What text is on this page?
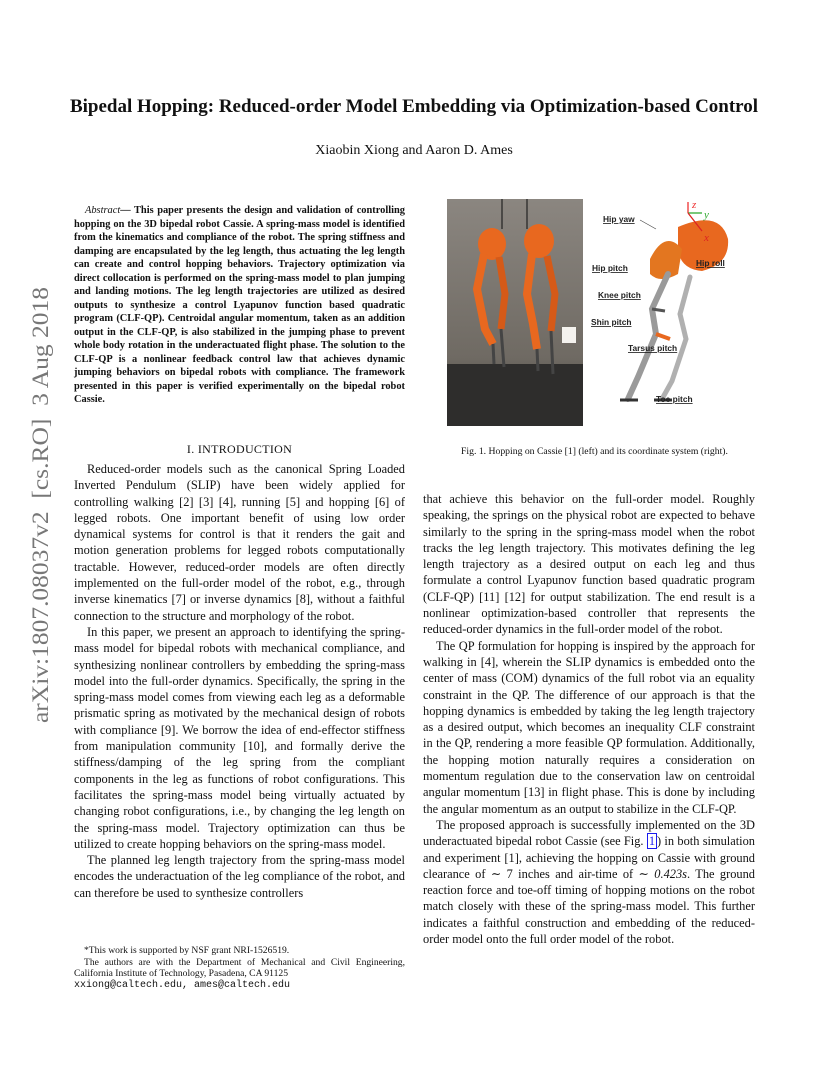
arXiv:1807.08037v2  [cs.RO]  3 Aug 2018
Bipedal Hopping: Reduced-order Model Embedding via Optimization-based Control
Xiaobin Xiong and Aaron D. Ames
Abstract— This paper presents the design and validation of controlling hopping on the 3D bipedal robot Cassie. A spring-mass model is identified from the kinematics and compliance of the robot. The spring stiffness and damping are encapsulated by the leg length, thus actuating the leg length can create and control hopping behaviors. Trajectory optimization via direct collocation is performed on the spring-mass model to plan jumping and landing motions. The leg length trajectories are utilized as desired outputs to synthesize a control Lyapunov function based quadratic program (CLF-QP). Centroidal angular momentum, taken as an addition output in the CLF-QP, is also stabilized in the jumping phase to prevent whole body rotation in the underactuated flight phase. The solution to the CLF-QP is a nonlinear feedback control law that achieves dynamic jumping behaviors on bipedal robots with compliance. The framework presented in this paper is verified experimentally on the bipedal robot Cassie.
I. INTRODUCTION

Reduced-order models such as the canonical Spring Loaded Inverted Pendulum (SLIP) have been widely applied for controlling walking [2] [3] [4], running [5] and hopping [6] of legged robots. One important benefit of using low order dynamical systems for control is that it renders the gait and motion generation problems for legged robots computationally tractable. However, reduced-order models are often directly implemented on the full-order model of the robot, e.g., through inverse kinematics [7] or inverse dynamics [8], without a faithful connection to the structure and morphology of the robot.

In this paper, we present an approach to identifying the spring-mass model for bipedal robots with mechanical compliance, and synthesizing nonlinear controllers by embedding the spring-mass model into the full-order dynamics. Specifically, the spring in the spring-mass model comes from viewing each leg as a deformable prismatic spring as motivated by the mechanical design of robots with compliance [9]. We borrow the idea of end-effector stiffness from manipulation community [10], and formally derive the stiffness/damping of the leg spring from the compliant components in the leg as functions of robot configurations. This facilitates the spring-mass model being virtually actuated by changing robot configurations, i.e., by changing the leg length on the spring-mass model. Trajectory optimization can thus be utilized to create hopping behaviors on the spring-mass model.

The planned leg length trajectory from the spring-mass model encodes the underactuation of the leg compliance of the robot, and can therefore be used to synthesize controllers

*This work is supported by NSF grant NRI-1526519.

The authors are with the Department of Mechanical and Civil Engineering, California Institute of Technology, Pasadena, CA 91125

xxiong@caltech.edu, ames@caltech.edu
z
y
x
Hip yaw
Hip roll
Hip pitch
Knee pitch
Shin pitch
Tarsus pitch
Toe pitch
Fig. 1. Hopping on Cassie [1] (left) and its coordinate system (right).

that achieve this behavior on the full-order model. Roughly speaking, the springs on the physical robot are expected to behave similarly to the spring in the spring-mass model when the robot tracks the leg length trajectory. This motivates defining the leg length trajectory as a desired output on each leg and thus formulate a control Lyapunov function based quadratic program (CLF-QP) [11] [12] for output stabilization. The end result is a nonlinear optimization-based controller that represents the reduced-order dynamics in the full-order model of the robot.

The QP formulation for hopping is inspired by the approach for walking in [4], wherein the SLIP dynamics is embedded onto the center of mass (COM) dynamics of the full robot via an equality constraint in the QP. The difference of our approach is that the hopping dynamics is embedded by taking the leg length trajectory as a desired output, which becomes an inequality CLF constraint in the QP, rendering a more feasible QP formulation. Additionally, the hopping motion naturally requires a consideration on momentum regulation due to the conservation law on centroidal angular momentum [13] in flight phase. This is done by including the angular momentum as an output to stabilize in the CLF-QP.

The proposed approach is successfully implemented on the 3D underactuated bipedal robot Cassie (see Fig. 1 ) in both simulation and experiment [1], achieving the hopping on Cassie with ground clearance of ∼ 7 inches and air-time of ∼ 0.423s. The ground reaction force and toe-off timing of hopping motions on the robot match closely with these of the spring-mass model. This further indicates a faithful construction and embedding of the reduced-order model onto the full order model of the robot.
